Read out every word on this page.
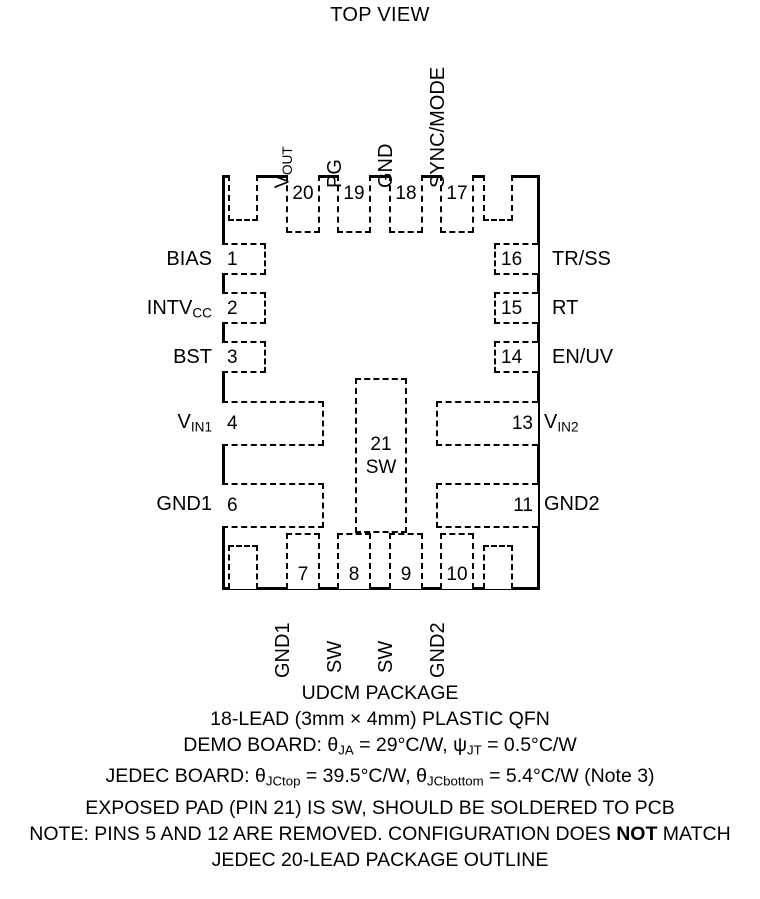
TOP VIEW
20 19 18 17
$V_{OUT}$ PG GND SYNC/MODE
1
2
3
4
6
BIAS
$INTV_{CC}$
BST
$V_{IN1}$
GND1
16
15
14
13
11
TR/SS
RT
EN/UV
$V_{IN2}$
GND2
7 8 9 10
GND1 SW SW GND2
21
SW
UDCM PACKAGE
18-LEAD (3mm × 4mm) PLASTIC QFN
DEMO BOARD: $\theta_{JA} = 29^\circ C/W$, $\psi_{JT} = 0.5^\circ C/W$
JEDEC BOARD: $\theta_{JCtop} = 39.5^\circ C/W$, $\theta_{JCbottom} = 5.4^\circ C/W$ (Note 3)
EXPOSED PAD (PIN 21) IS SW, SHOULD BE SOLDERED TO PCB
NOTE: PINS 5 AND 12 ARE REMOVED. CONFIGURATION DOES NOT MATCH
JEDEC 20-LEAD PACKAGE OUTLINE
